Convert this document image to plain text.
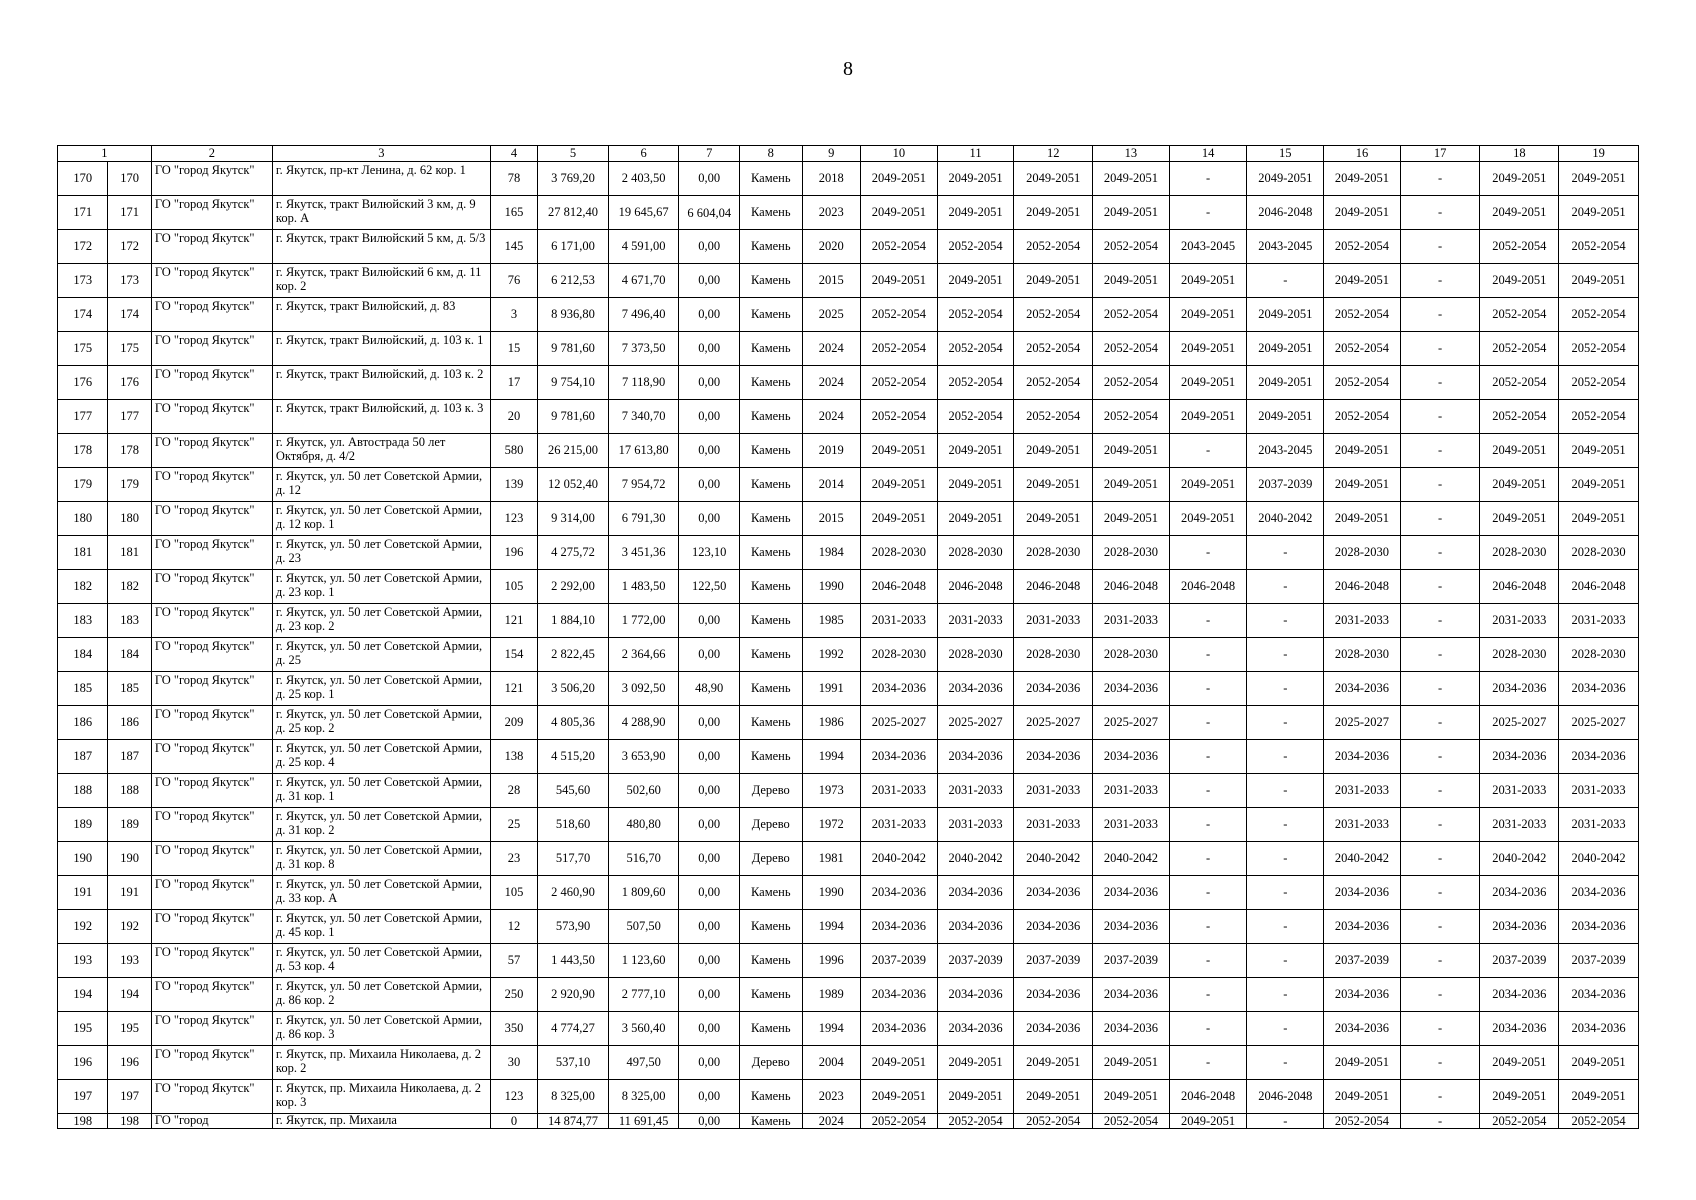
8
1		2	3	4	5	6	7	8	9	10	11	12	13	14	15	16	17	18	19
170	170	ГО "город Якутск"	г. Якутск, пр-кт Ленина, д. 62 кор. 1	78	3 769,20	2 403,50	0,00	Камень	2018	2049-2051	2049-2051	2049-2051	2049-2051	-	2049-2051	2049-2051	-	2049-2051	2049-2051
171	171	ГО "город Якутск"	г. Якутск, тракт Вилюйский 3 км, д. 9 кор. А	165	27 812,40	19 645,67	6 604,04	Камень	2023	2049-2051	2049-2051	2049-2051	2049-2051	-	2046-2048	2049-2051	-	2049-2051	2049-2051
172	172	ГО "город Якутск"	г. Якутск, тракт Вилюйский 5 км, д. 5/3	145	6 171,00	4 591,00	0,00	Камень	2020	2052-2054	2052-2054	2052-2054	2052-2054	2043-2045	2043-2045	2052-2054	-	2052-2054	2052-2054
173	173	ГО "город Якутск"	г. Якутск, тракт Вилюйский 6 км, д. 11 кор. 2	76	6 212,53	4 671,70	0,00	Камень	2015	2049-2051	2049-2051	2049-2051	2049-2051	2049-2051	-	2049-2051	-	2049-2051	2049-2051
174	174	ГО "город Якутск"	г. Якутск, тракт Вилюйский, д. 83	3	8 936,80	7 496,40	0,00	Камень	2025	2052-2054	2052-2054	2052-2054	2052-2054	2049-2051	2049-2051	2052-2054	-	2052-2054	2052-2054
175	175	ГО "город Якутск"	г. Якутск, тракт Вилюйский, д. 103 к. 1	15	9 781,60	7 373,50	0,00	Камень	2024	2052-2054	2052-2054	2052-2054	2052-2054	2049-2051	2049-2051	2052-2054	-	2052-2054	2052-2054
176	176	ГО "город Якутск"	г. Якутск, тракт Вилюйский, д. 103 к. 2	17	9 754,10	7 118,90	0,00	Камень	2024	2052-2054	2052-2054	2052-2054	2052-2054	2049-2051	2049-2051	2052-2054	-	2052-2054	2052-2054
177	177	ГО "город Якутск"	г. Якутск, тракт Вилюйский, д. 103 к. 3	20	9 781,60	7 340,70	0,00	Камень	2024	2052-2054	2052-2054	2052-2054	2052-2054	2049-2051	2049-2051	2052-2054	-	2052-2054	2052-2054
178	178	ГО "город Якутск"	г. Якутск, ул. Автострада 50 лет Октября, д. 4/2	580	26 215,00	17 613,80	0,00	Камень	2019	2049-2051	2049-2051	2049-2051	2049-2051	-	2043-2045	2049-2051	-	2049-2051	2049-2051
179	179	ГО "город Якутск"	г. Якутск, ул. 50 лет Советской Армии, д. 12	139	12 052,40	7 954,72	0,00	Камень	2014	2049-2051	2049-2051	2049-2051	2049-2051	2049-2051	2037-2039	2049-2051	-	2049-2051	2049-2051
180	180	ГО "город Якутск"	г. Якутск, ул. 50 лет Советской Армии, д. 12 кор. 1	123	9 314,00	6 791,30	0,00	Камень	2015	2049-2051	2049-2051	2049-2051	2049-2051	2049-2051	2040-2042	2049-2051	-	2049-2051	2049-2051
181	181	ГО "город Якутск"	г. Якутск, ул. 50 лет Советской Армии, д. 23	196	4 275,72	3 451,36	123,10	Камень	1984	2028-2030	2028-2030	2028-2030	2028-2030	-	-	2028-2030	-	2028-2030	2028-2030
182	182	ГО "город Якутск"	г. Якутск, ул. 50 лет Советской Армии, д. 23 кор. 1	105	2 292,00	1 483,50	122,50	Камень	1990	2046-2048	2046-2048	2046-2048	2046-2048	2046-2048	-	2046-2048	-	2046-2048	2046-2048
183	183	ГО "город Якутск"	г. Якутск, ул. 50 лет Советской Армии, д. 23 кор. 2	121	1 884,10	1 772,00	0,00	Камень	1985	2031-2033	2031-2033	2031-2033	2031-2033	-	-	2031-2033	-	2031-2033	2031-2033
184	184	ГО "город Якутск"	г. Якутск, ул. 50 лет Советской Армии, д. 25	154	2 822,45	2 364,66	0,00	Камень	1992	2028-2030	2028-2030	2028-2030	2028-2030	-	-	2028-2030	-	2028-2030	2028-2030
185	185	ГО "город Якутск"	г. Якутск, ул. 50 лет Советской Армии, д. 25 кор. 1	121	3 506,20	3 092,50	48,90	Камень	1991	2034-2036	2034-2036	2034-2036	2034-2036	-	-	2034-2036	-	2034-2036	2034-2036
186	186	ГО "город Якутск"	г. Якутск, ул. 50 лет Советской Армии, д. 25 кор. 2	209	4 805,36	4 288,90	0,00	Камень	1986	2025-2027	2025-2027	2025-2027	2025-2027	-	-	2025-2027	-	2025-2027	2025-2027
187	187	ГО "город Якутск"	г. Якутск, ул. 50 лет Советской Армии, д. 25 кор. 4	138	4 515,20	3 653,90	0,00	Камень	1994	2034-2036	2034-2036	2034-2036	2034-2036	-	-	2034-2036	-	2034-2036	2034-2036
188	188	ГО "город Якутск"	г. Якутск, ул. 50 лет Советской Армии, д. 31 кор. 1	28	545,60	502,60	0,00	Дерево	1973	2031-2033	2031-2033	2031-2033	2031-2033	-	-	2031-2033	-	2031-2033	2031-2033
189	189	ГО "город Якутск"	г. Якутск, ул. 50 лет Советской Армии, д. 31 кор. 2	25	518,60	480,80	0,00	Дерево	1972	2031-2033	2031-2033	2031-2033	2031-2033	-	-	2031-2033	-	2031-2033	2031-2033
190	190	ГО "город Якутск"	г. Якутск, ул. 50 лет Советской Армии, д. 31 кор. 8	23	517,70	516,70	0,00	Дерево	1981	2040-2042	2040-2042	2040-2042	2040-2042	-	-	2040-2042	-	2040-2042	2040-2042
191	191	ГО "город Якутск"	г. Якутск, ул. 50 лет Советской Армии, д. 33 кор. А	105	2 460,90	1 809,60	0,00	Камень	1990	2034-2036	2034-2036	2034-2036	2034-2036	-	-	2034-2036	-	2034-2036	2034-2036
192	192	ГО "город Якутск"	г. Якутск, ул. 50 лет Советской Армии, д. 45 кор. 1	12	573,90	507,50	0,00	Камень	1994	2034-2036	2034-2036	2034-2036	2034-2036	-	-	2034-2036	-	2034-2036	2034-2036
193	193	ГО "город Якутск"	г. Якутск, ул. 50 лет Советской Армии, д. 53 кор. 4	57	1 443,50	1 123,60	0,00	Камень	1996	2037-2039	2037-2039	2037-2039	2037-2039	-	-	2037-2039	-	2037-2039	2037-2039
194	194	ГО "город Якутск"	г. Якутск, ул. 50 лет Советской Армии, д. 86 кор. 2	250	2 920,90	2 777,10	0,00	Камень	1989	2034-2036	2034-2036	2034-2036	2034-2036	-	-	2034-2036	-	2034-2036	2034-2036
195	195	ГО "город Якутск"	г. Якутск, ул. 50 лет Советской Армии, д. 86 кор. 3	350	4 774,27	3 560,40	0,00	Камень	1994	2034-2036	2034-2036	2034-2036	2034-2036	-	-	2034-2036	-	2034-2036	2034-2036
196	196	ГО "город Якутск"	г. Якутск, пр. Михаила Николаева, д. 2 кор. 2	30	537,10	497,50	0,00	Дерево	2004	2049-2051	2049-2051	2049-2051	2049-2051	-	-	2049-2051	-	2049-2051	2049-2051
197	197	ГО "город Якутск"	г. Якутск, пр. Михаила Николаева, д. 2 кор. 3	123	8 325,00	8 325,00	0,00	Камень	2023	2049-2051	2049-2051	2049-2051	2049-2051	2046-2048	2046-2048	2049-2051	-	2049-2051	2049-2051
198	198	ГО "город	г. Якутск, пр. Михаила	0	14 874,77	11 691,45	0,00	Камень	2024	2052-2054	2052-2054	2052-2054	2052-2054	2049-2051	-	2052-2054	-	2052-2054	2052-2054
